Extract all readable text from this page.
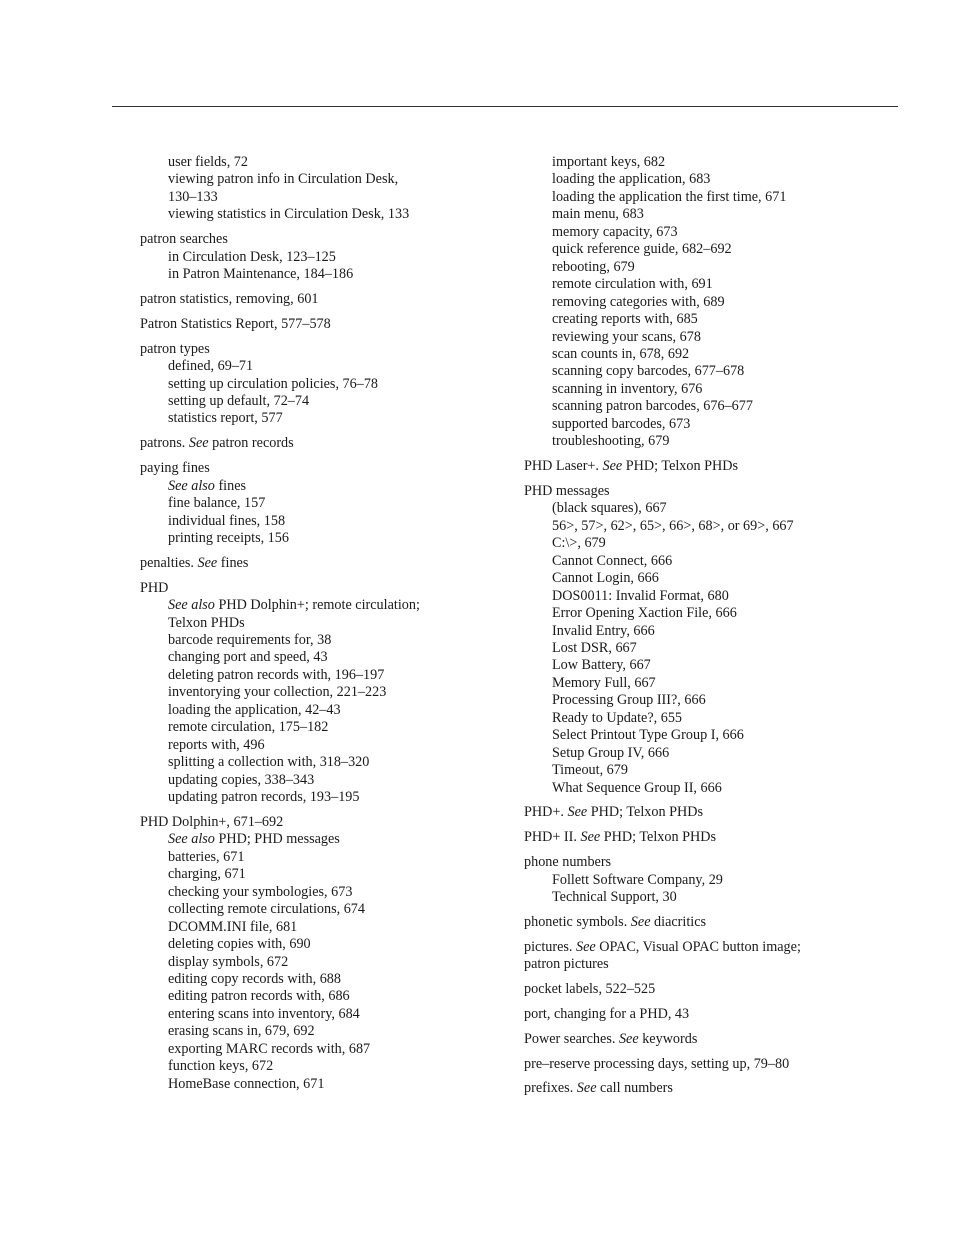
user fields, 72
viewing patron info in Circulation Desk,
130–133
viewing statistics in Circulation Desk, 133
patron searches
in Circulation Desk, 123–125
in Patron Maintenance, 184–186
patron statistics, removing, 601
Patron Statistics Report, 577–578
patron types
defined, 69–71
setting up circulation policies, 76–78
setting up default, 72–74
statistics report, 577
patrons. See patron records
paying fines
See also fines
fine balance, 157
individual fines, 158
printing receipts, 156
penalties. See fines
PHD
See also PHD Dolphin+; remote circulation;
Telxon PHDs
barcode requirements for, 38
changing port and speed, 43
deleting patron records with, 196–197
inventorying your collection, 221–223
loading the application, 42–43
remote circulation, 175–182
reports with, 496
splitting a collection with, 318–320
updating copies, 338–343
updating patron records, 193–195
PHD Dolphin+, 671–692
See also PHD; PHD messages
batteries, 671
charging, 671
checking your symbologies, 673
collecting remote circulations, 674
DCOMM.INI file, 681
deleting copies with, 690
display symbols, 672
editing copy records with, 688
editing patron records with, 686
entering scans into inventory, 684
erasing scans in, 679, 692
exporting MARC records with, 687
function keys, 672
HomeBase connection, 671
important keys, 682
loading the application, 683
loading the application the first time, 671
main menu, 683
memory capacity, 673
quick reference guide, 682–692
rebooting, 679
remote circulation with, 691
removing categories with, 689
creating reports with, 685
reviewing your scans, 678
scan counts in, 678, 692
scanning copy barcodes, 677–678
scanning in inventory, 676
scanning patron barcodes, 676–677
supported barcodes, 673
troubleshooting, 679
PHD Laser+. See PHD; Telxon PHDs
PHD messages
(black squares), 667
56>, 57>, 62>, 65>, 66>, 68>, or 69>, 667
C:\>, 679
Cannot Connect, 666
Cannot Login, 666
DOS0011: Invalid Format, 680
Error Opening Xaction File, 666
Invalid Entry, 666
Lost DSR, 667
Low Battery, 667
Memory Full, 667
Processing Group III?, 666
Ready to Update?, 655
Select Printout Type Group I, 666
Setup Group IV, 666
Timeout, 679
What Sequence Group II, 666
PHD+. See PHD; Telxon PHDs
PHD+ II. See PHD; Telxon PHDs
phone numbers
Follett Software Company, 29
Technical Support, 30
phonetic symbols. See diacritics
pictures. See OPAC, Visual OPAC button image;
patron pictures
pocket labels, 522–525
port, changing for a PHD, 43
Power searches. See keywords
pre–reserve processing days, setting up, 79–80
prefixes. See call numbers
